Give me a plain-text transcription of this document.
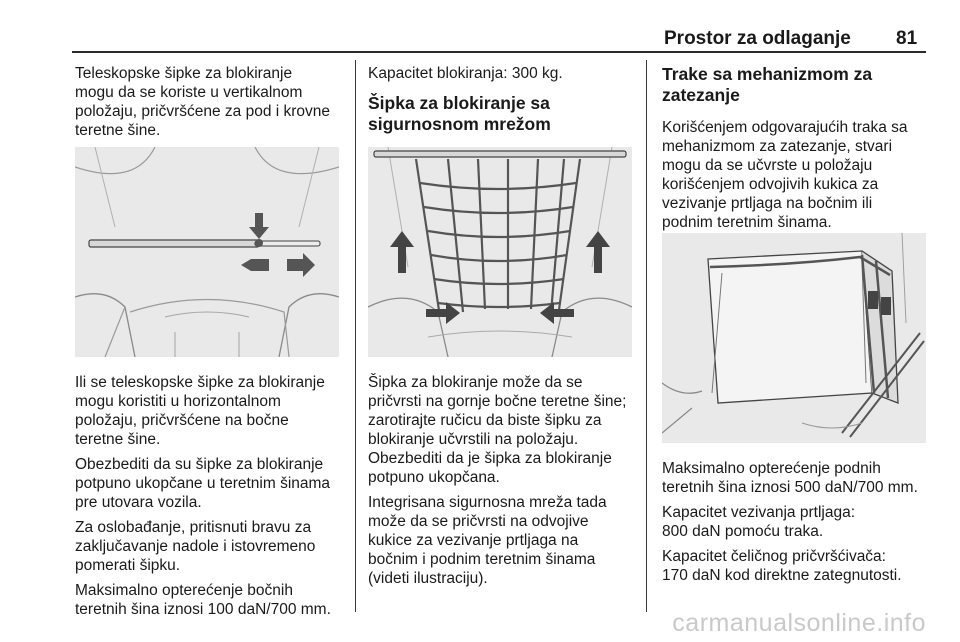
Prostor za odlaganje 81

Teleskopske šipke za blokiranje
mogu da se koriste u vertikalnom
položaju, pričvršćene za pod i krovne
teretne šine.

Ili se teleskopske šipke za blokiranje
mogu koristiti u horizontalnom
položaju, pričvršćene na bočne
teretne šine.

Obezbediti da su šipke za blokiranje
potpuno ukopčane u teretnim šinama
pre utovara vozila.

Za oslobađanje, pritisnuti bravu za
zaključavanje nadole i istovremeno
pomerati šipku.

Maksimalno opterećenje bočnih
teretnih šina iznosi 100 daN/700 mm.

Kapacitet blokiranja: 300 kg.

Šipka za blokiranje sa
sigurnosnom mrežom

Šipka za blokiranje može da se
pričvrsti na gornje bočne teretne šine;
zarotirajte ručicu da biste šipku za
blokiranje učvrstili na položaju.
Obezbediti da je šipka za blokiranje
potpuno ukopčana.

Integrisana sigurnosna mreža tada
može da se pričvrsti na odvojive
kukice za vezivanje prtljaga na
bočnim i podnim teretnim šinama
(videti ilustraciju).

Trake sa mehanizmom za
zatezanje

Korišćenjem odgovarajućih traka sa
mehanizmom za zatezanje, stvari
mogu da se učvrste u položaju
korišćenjem odvojivih kukica za
vezivanje prtljaga na bočnim ili
podnim teretnim šinama.

Maksimalno opterećenje podnih
teretnih šina iznosi 500 daN/700 mm.

Kapacitet vezivanja prtljaga:
800 daN pomoću traka.

Kapacitet čeličnog pričvršćivača:
170 daN kod direktne zategnutosti.

carmanualsonline.info
